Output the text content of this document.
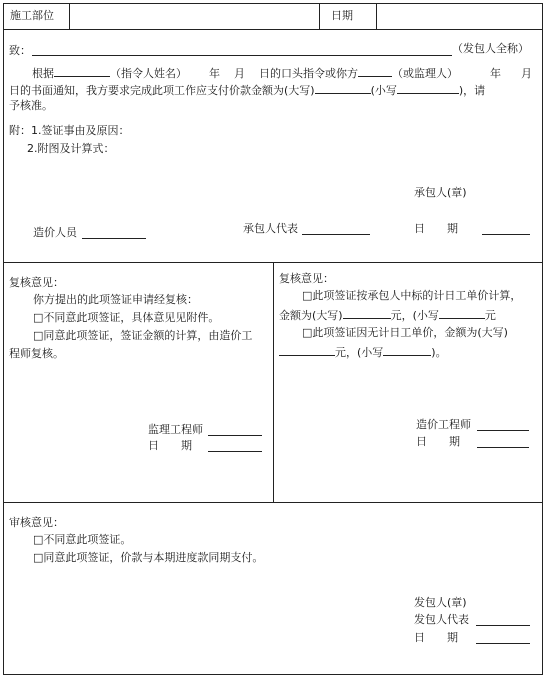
施工部位	日期
致：	（发包人全称）
根据	（指令人姓名） 年 月 日的口头指令或你方	（或监理人）	年 月
日的书面通知，我方要求完成此项工作应支付价款金额为(大写)	(小写	)，请
予核准。
附：1.签证事由及原因：
2.附图及计算式：
承包人(章)
造价人员	承包人代表	日　　期
复核意见：
你方提出的此项签证申请经复核：
□不同意此项签证，具体意见见附件。
□同意此项签证，签证金额的计算，由造价工
程师复核。
监理工程师
日　　期
复核意见：
□此项签证按承包人中标的计日工单价计算，
金额为(大写)	元，(小写	元
□此项签证因无计日工单价，金额为(大写)
元，(小写	)。
造价工程师
日　　期
审核意见：
□不同意此项签证。
□同意此项签证，价款与本期进度款同期支付。
发包人(章)
发包人代表
日　　期
